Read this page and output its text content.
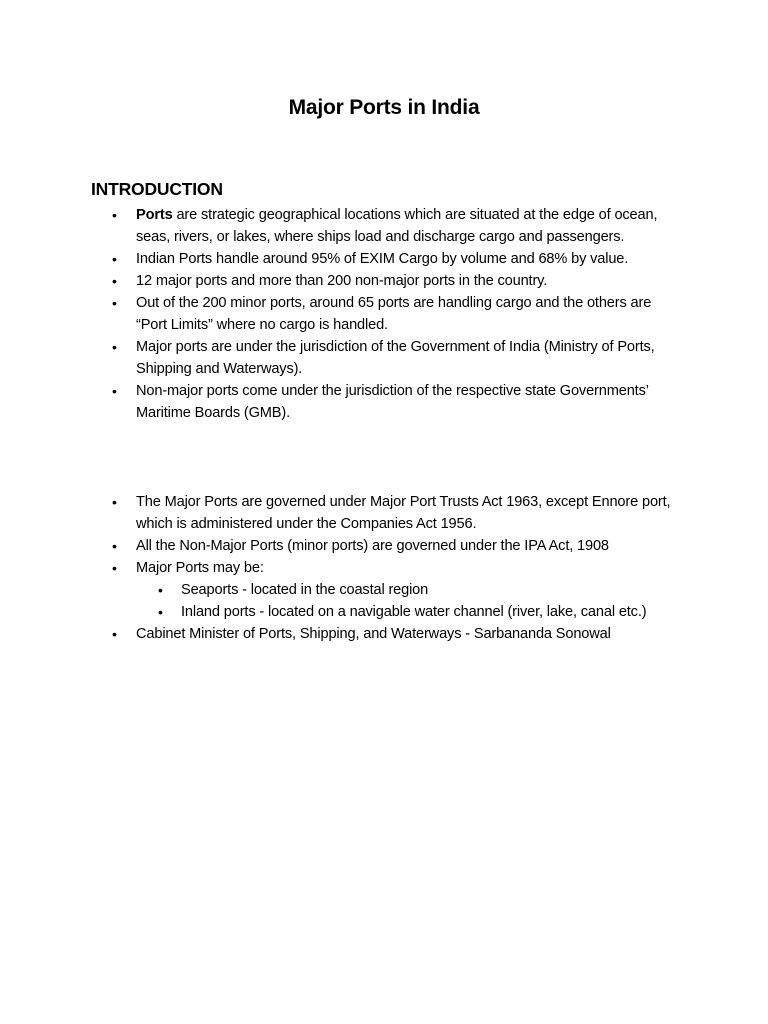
Major Ports in India
INTRODUCTION
• Ports are strategic geographical locations which are situated at the edge of ocean, seas, rivers, or lakes, where ships load and discharge cargo and passengers.
• Indian Ports handle around 95% of EXIM Cargo by volume and 68% by value.
• 12 major ports and more than 200 non-major ports in the country.
• Out of the 200 minor ports, around 65 ports are handling cargo and the others are “Port Limits” where no cargo is handled.
• Major ports are under the jurisdiction of the Government of India (Ministry of Ports, Shipping and Waterways).
• Non-major ports come under the jurisdiction of the respective state Governments’ Maritime Boards (GMB).
• The Major Ports are governed under Major Port Trusts Act 1963, except Ennore port, which is administered under the Companies Act 1956.
• All the Non-Major Ports (minor ports) are governed under the IPA Act, 1908
• Major Ports may be:
• Seaports - located in the coastal region
• Inland ports - located on a navigable water channel (river, lake, canal etc.)
• Cabinet Minister of Ports, Shipping, and Waterways - Sarbananda Sonowal
